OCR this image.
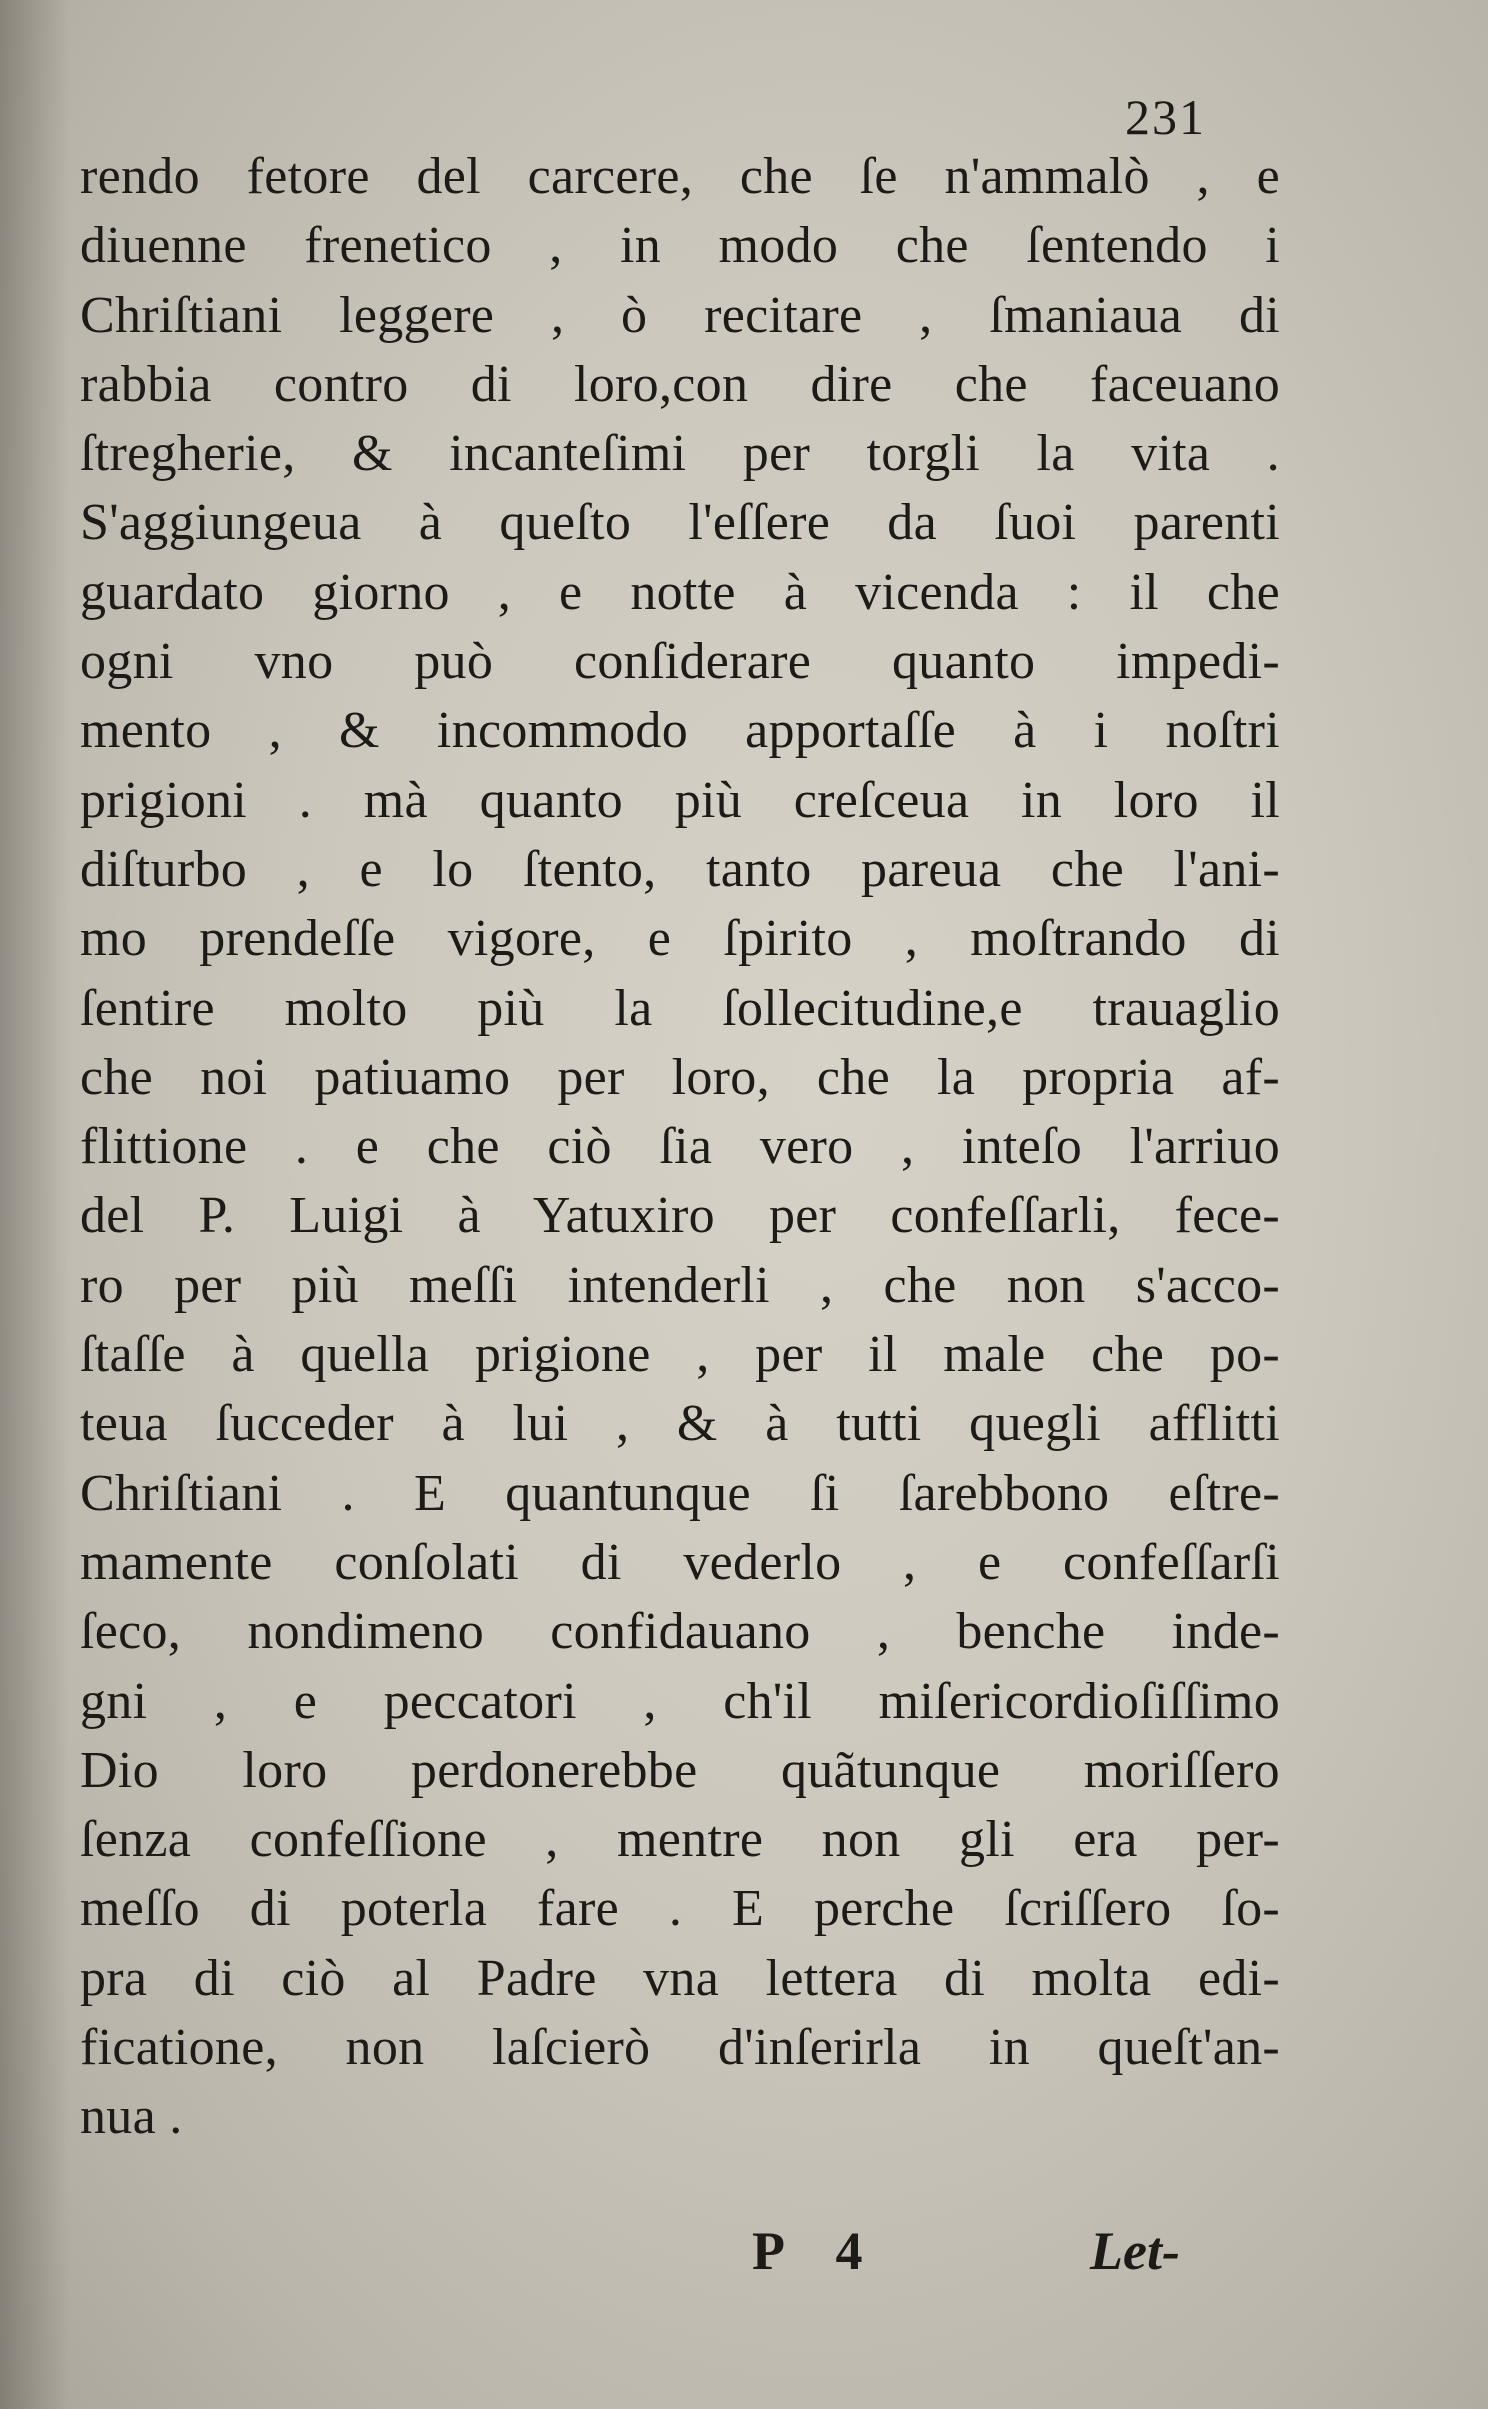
231
rendo fetore del carcere, che ſe n'ammalò , e
diuenne frenetico , in modo che ſentendo i
Chriſtiani leggere , ò recitare , ſmaniaua di
rabbia contro di loro,con dire che faceuano
ſtregherie, & incanteſimi per torgli la vita .
S'aggiungeua à queſto l'eſſere da ſuoi parenti
guardato giorno , e notte à vicenda : il che
ogni vno può conſiderare quanto impedi-
mento , & incommodo apportaſſe à i noſtri
prigioni . mà quanto più creſceua in loro il
diſturbo , e lo ſtento, tanto pareua che l'ani-
mo prendeſſe vigore, e ſpirito , moſtrando di
ſentire molto più la ſollecitudine,e trauaglio
che noi patiuamo per loro, che la propria af-
flittione . e che ciò ſia vero , inteſo l'arriuo
del P. Luigi à Yatuxiro per confeſſarli, fece-
ro per più meſſi intenderli , che non s'acco-
ſtaſſe à quella prigione , per il male che po-
teua ſucceder à lui , & à tutti quegli afflitti
Chriſtiani . E quantunque ſi ſarebbono eſtre-
mamente conſolati di vederlo , e confeſſarſi
ſeco, nondimeno confidauano , benche inde-
gni , e peccatori , ch'il miſericordioſiſſimo
Dio loro perdonerebbe quãtunque moriſſero
ſenza confeſſione , mentre non gli era per-
meſſo di poterla fare . E perche ſcriſſero ſo-
pra di ciò al Padre vna lettera di molta edi-
ficatione, non laſcierò d'inſerirla in queſt'an-
nua .
P 4	Let-
